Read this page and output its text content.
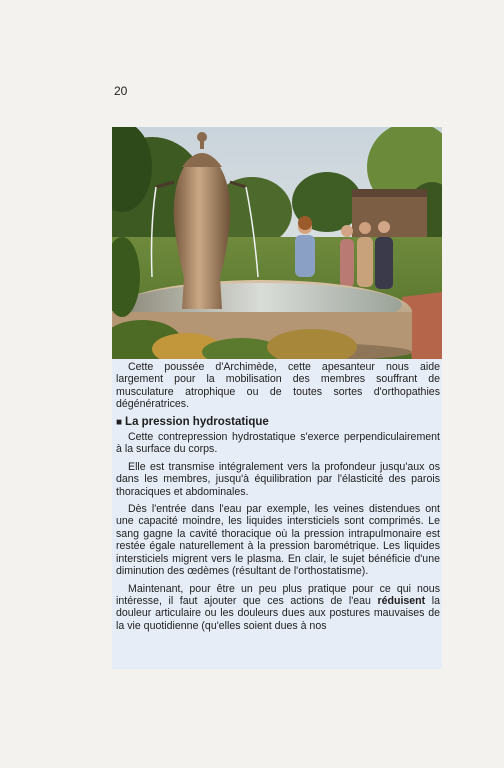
20

Cette poussée d'Archimède, cette apesanteur nous aide largement pour la mobilisation des membres souffrant de musculature atrophique ou de toutes sortes d'orthopathies dégénératrices.

■ La pression hydrostatique

Cette contrepression hydrostatique s'exerce perpendiculairement à la surface du corps.

Elle est transmise intégralement vers la profondeur jusqu'aux os dans les membres, jusqu'à équilibration par l'élasticité des parois thoraciques et abdominales.

Dès l'entrée dans l'eau par exemple, les veines distendues ont une capacité moindre, les liquides intersticiels sont comprimés. Le sang gagne la cavité thoracique où la pression intrapulmonaire est restée égale naturellement à la pression barométrique. Les liquides intersticiels migrent vers le plasma. En clair, le sujet bénéficie d'une diminution des œdèmes (résultant de l'orthostatisme).

Maintenant, pour être un peu plus pratique pour ce qui nous intéresse, il faut ajouter que ces actions de l'eau réduisent la douleur articulaire ou les douleurs dues aux postures mauvaises de la vie quotidienne (qu'elles soient dues à nos
